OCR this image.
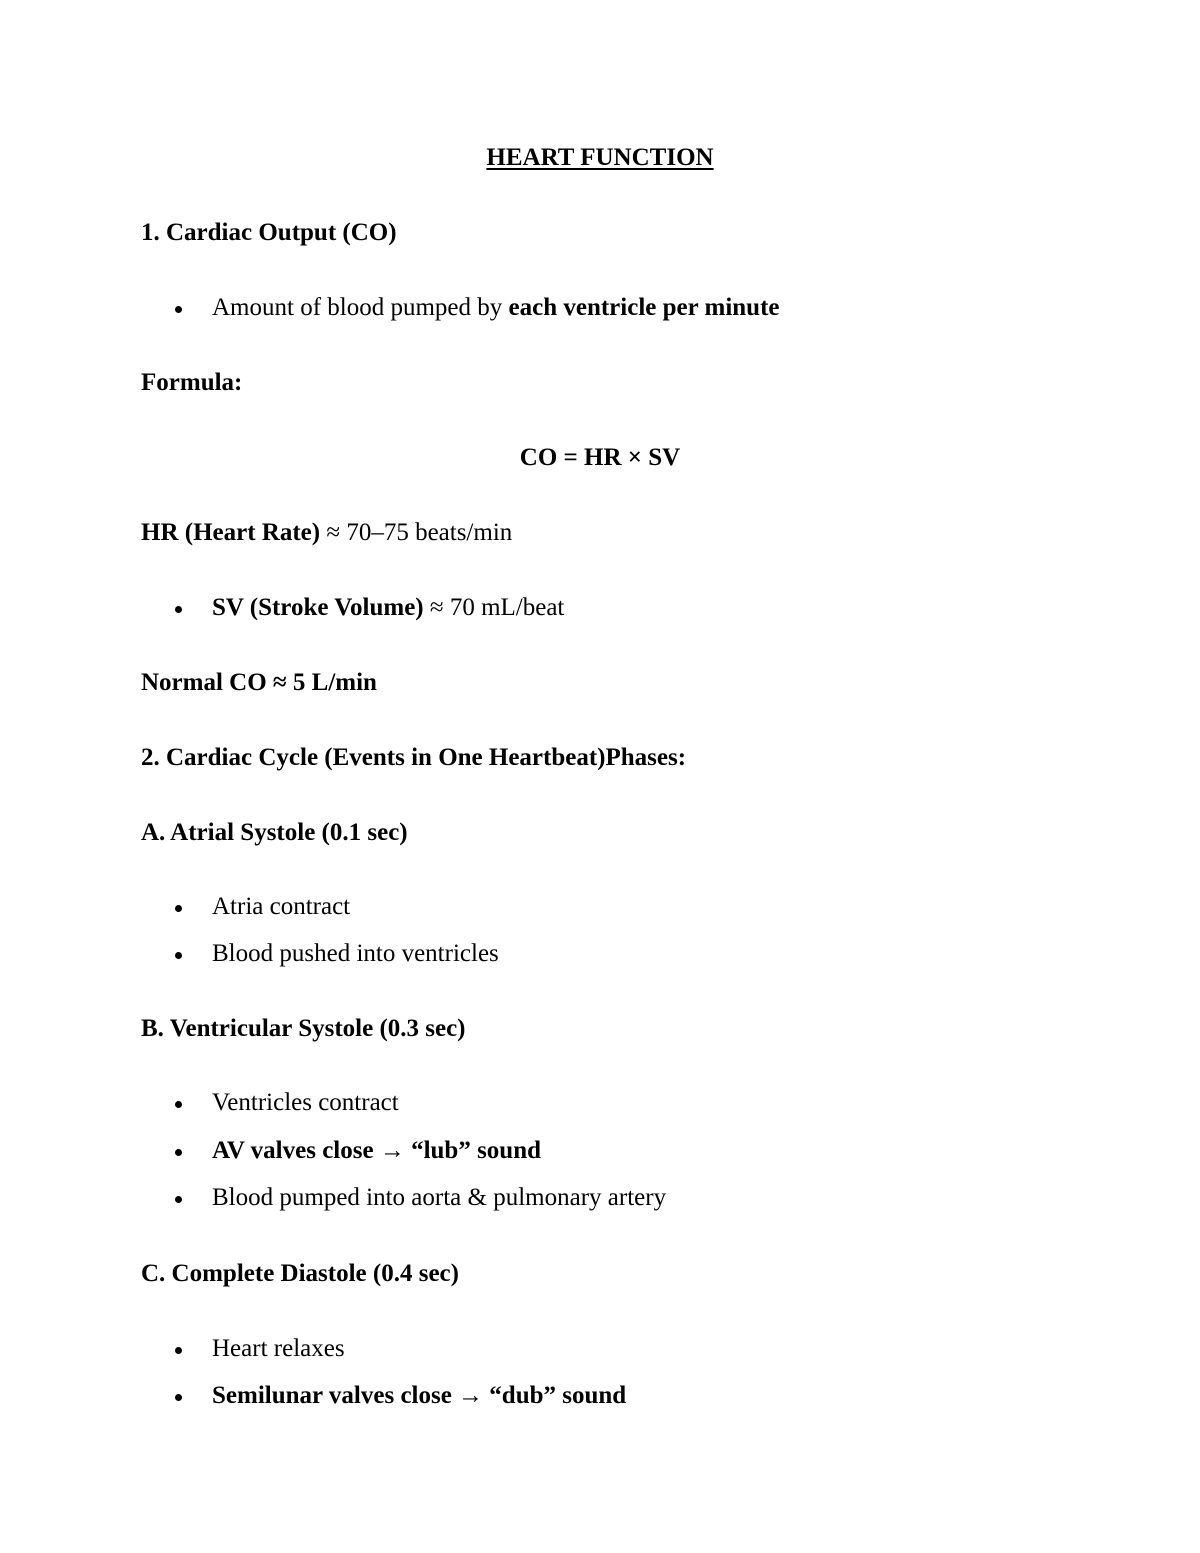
HEART FUNCTION
1. Cardiac Output (CO)
Amount of blood pumped by each ventricle per minute
Formula:
CO = HR × SV
HR (Heart Rate) ≈ 70–75 beats/min
SV (Stroke Volume) ≈ 70 mL/beat
Normal CO ≈ 5 L/min
2. Cardiac Cycle (Events in One Heartbeat)Phases:
A. Atrial Systole (0.1 sec)
Atria contract
Blood pushed into ventricles
B. Ventricular Systole (0.3 sec)
Ventricles contract
AV valves close → “lub” sound
Blood pumped into aorta & pulmonary artery
C. Complete Diastole (0.4 sec)
Heart relaxes
Semilunar valves close → “dub” sound
